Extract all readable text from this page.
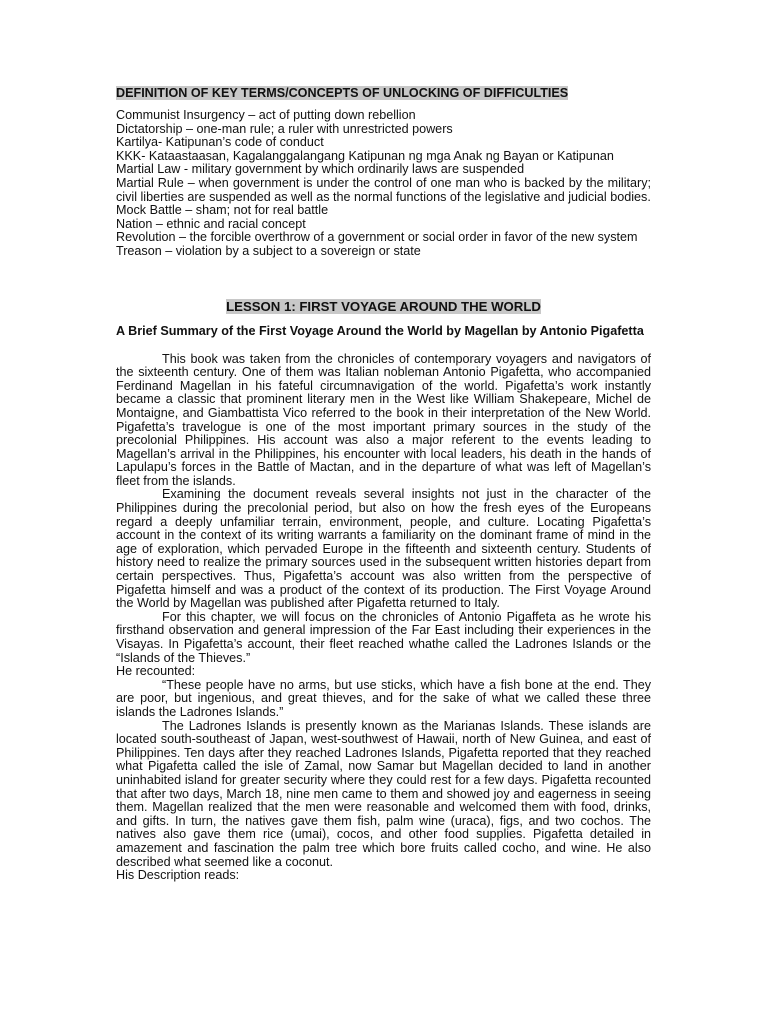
DEFINITION OF KEY TERMS/CONCEPTS OF UNLOCKING OF DIFFICULTIES

Communist Insurgency – act of putting down rebellion

Dictatorship – one-man rule; a ruler with unrestricted powers

Kartilya- Katipunan’s code of conduct

KKK- Kataastaasan, Kagalanggalangang Katipunan ng mga Anak ng Bayan or Katipunan

Martial Law - military government by which ordinarily laws are suspended

Martial Rule – when government is under the control of one man who is backed by the military; civil liberties are suspended as well as the normal functions of the legislative and judicial bodies.

Mock Battle – sham; not for real battle

Nation – ethnic and racial concept

Revolution – the forcible overthrow of a government or social order in favor of the new system

Treason – violation by a subject to a sovereign or state

LESSON 1: FIRST VOYAGE AROUND THE WORLD

A Brief Summary of the First Voyage Around the World by Magellan by Antonio Pigafetta

This book was taken from the chronicles of contemporary voyagers and navigators of the sixteenth century. One of them was Italian nobleman Antonio Pigafetta, who accompanied Ferdinand Magellan in his fateful circumnavigation of the world. Pigafetta’s work instantly became a classic that prominent literary men in the West like William Shakepeare, Michel de Montaigne, and Giambattista Vico referred to the book in their interpretation of the New World. Pigafetta’s travelogue is one of the most important primary sources in the study of the precolonial Philippines. His account was also a major referent to the events leading to Magellan’s arrival in the Philippines, his encounter with local leaders, his death in the hands of Lapulapu’s forces in the Battle of Mactan, and in the departure of what was left of Magellan’s fleet from the islands.

Examining the document reveals several insights not just in the character of the Philippines during the precolonial period, but also on how the fresh eyes of the Europeans regard a deeply unfamiliar terrain, environment, people, and culture. Locating Pigafetta’s account in the context of its writing warrants a familiarity on the dominant frame of mind in the age of exploration, which pervaded Europe in the fifteenth and sixteenth century. Students of history need to realize the primary sources used in the subsequent written histories depart from certain perspectives. Thus, Pigafetta’s account was also written from the perspective of Pigafetta himself and was a product of the context of its production. The First Voyage Around the World by Magellan was published after Pigafetta returned to Italy.

For this chapter, we will focus on the chronicles of Antonio Pigaffeta as he wrote his firsthand observation and general impression of the Far East including their experiences in the Visayas. In Pigafetta’s account, their fleet reached whathe called the Ladrones Islands or the “Islands of the Thieves.”

He recounted:

“These people have no arms, but use sticks, which have a fish bone at the end. They are poor, but ingenious, and great thieves, and for the sake of what we called these three islands the Ladrones Islands.”

The Ladrones Islands is presently known as the Marianas Islands. These islands are located south-southeast of Japan, west-southwest of Hawaii, north of New Guinea, and east of Philippines. Ten days after they reached Ladrones Islands, Pigafetta reported that they reached what Pigafetta called the isle of Zamal, now Samar but Magellan decided to land in another uninhabited island for greater security where they could rest for a few days. Pigafetta recounted that after two days, March 18, nine men came to them and showed joy and eagerness in seeing them. Magellan realized that the men were reasonable and welcomed them with food, drinks, and gifts. In turn, the natives gave them fish, palm wine (uraca), figs, and two cochos. The natives also gave them rice (umai), cocos, and other food supplies. Pigafetta detailed in amazement and fascination the palm tree which bore fruits called cocho, and wine. He also described what seemed like a coconut.

His Description reads:
